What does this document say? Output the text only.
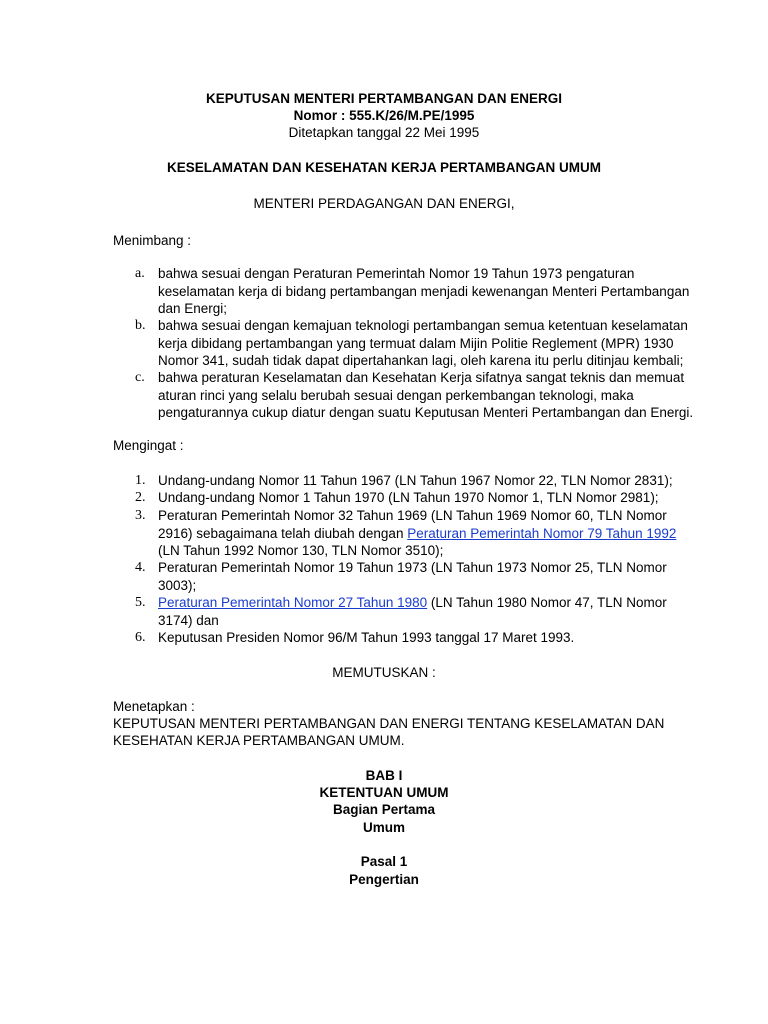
KEPUTUSAN MENTERI PERTAMBANGAN DAN ENERGI
Nomor : 555.K/26/M.PE/1995
Ditetapkan tanggal 22 Mei 1995
KESELAMATAN DAN KESEHATAN KERJA PERTAMBANGAN UMUM
MENTERI PERDAGANGAN DAN ENERGI,
Menimbang :
a. bahwa sesuai dengan Peraturan Pemerintah Nomor 19 Tahun 1973 pengaturan
keselamatan kerja di bidang pertambangan menjadi kewenangan Menteri Pertambangan
dan Energi;
b. bahwa sesuai dengan kemajuan teknologi pertambangan semua ketentuan keselamatan
kerja dibidang pertambangan yang termuat dalam Mijin Politie Reglement (MPR) 1930
Nomor 341, sudah tidak dapat dipertahankan lagi, oleh karena itu perlu ditinjau kembali;
c. bahwa peraturan Keselamatan dan Kesehatan Kerja sifatnya sangat teknis dan memuat
aturan rinci yang selalu berubah sesuai dengan perkembangan teknologi, maka
pengaturannya cukup diatur dengan suatu Keputusan Menteri Pertambangan dan Energi.
Mengingat :
1. Undang-undang Nomor 11 Tahun 1967 (LN Tahun 1967 Nomor 22, TLN Nomor 2831);
2. Undang-undang Nomor 1 Tahun 1970 (LN Tahun 1970 Nomor 1, TLN Nomor 2981);
3. Peraturan Pemerintah Nomor 32 Tahun 1969 (LN Tahun 1969 Nomor 60, TLN Nomor
2916) sebagaimana telah diubah dengan Peraturan Pemerintah Nomor 79 Tahun 1992
(LN Tahun 1992 Nomor 130, TLN Nomor 3510);
4. Peraturan Pemerintah Nomor 19 Tahun 1973 (LN Tahun 1973 Nomor 25, TLN Nomor
3003);
5. Peraturan Pemerintah Nomor 27 Tahun 1980 (LN Tahun 1980 Nomor 47, TLN Nomor
3174) dan
6. Keputusan Presiden Nomor 96/M Tahun 1993 tanggal 17 Maret 1993.
MEMUTUSKAN :
Menetapkan :
KEPUTUSAN MENTERI PERTAMBANGAN DAN ENERGI TENTANG KESELAMATAN DAN
KESEHATAN KERJA PERTAMBANGAN UMUM.
BAB I
KETENTUAN UMUM
Bagian Pertama
Umum
Pasal 1
Pengertian
